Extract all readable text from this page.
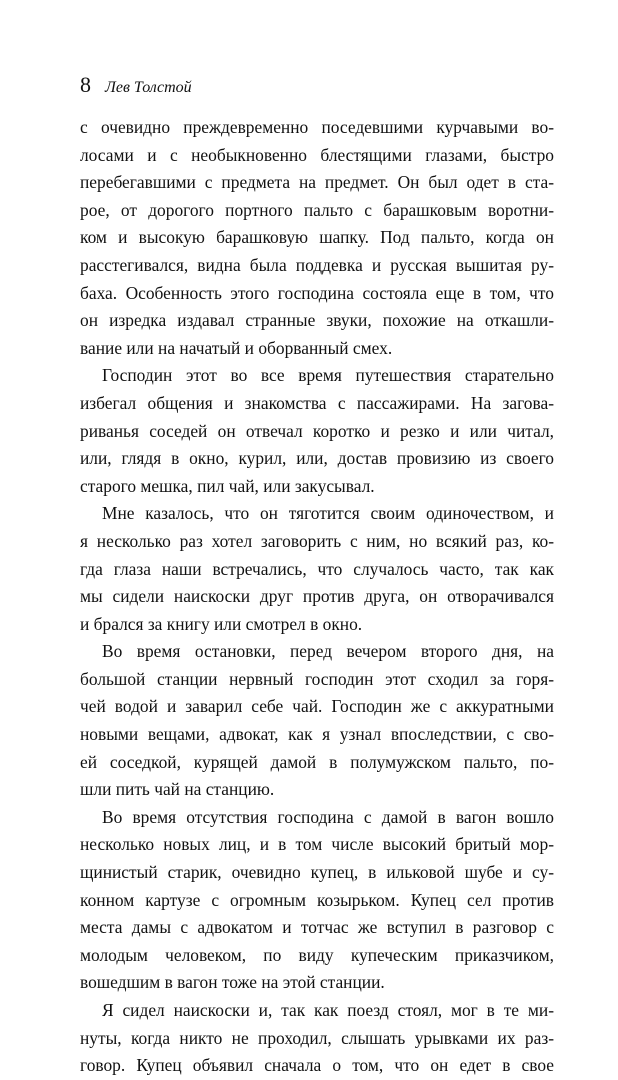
8 Лев Толстой

с очевидно преждевременно поседевшими курчавыми во-
лосами и с необыкновенно блестящими глазами, быстро
перебегавшими с предмета на предмет. Он был одет в ста-
рое, от дорогого портного пальто с барашковым воротни-
ком и высокую барашковую шапку. Под пальто, когда он
расстегивался, видна была поддевка и русская вышитая ру-
баха. Особенность этого господина состояла еще в том, что
он изредка издавал странные звуки, похожие на откашли-
вание или на начатый и оборванный смех.

Господин этот во все время путешествия старательно
избегал общения и знакомства с пассажирами. На загова-
риванья соседей он отвечал коротко и резко и или читал,
или, глядя в окно, курил, или, достав провизию из своего
старого мешка, пил чай, или закусывал.

Мне казалось, что он тяготится своим одиночеством, и
я несколько раз хотел заговорить с ним, но всякий раз, ко-
гда глаза наши встречались, что случалось часто, так как
мы сидели наискоски друг против друга, он отворачивался
и брался за книгу или смотрел в окно.

Во время остановки, перед вечером второго дня, на
большой станции нервный господин этот сходил за горя-
чей водой и заварил себе чай. Господин же с аккуратными
новыми вещами, адвокат, как я узнал впоследствии, с сво-
ей соседкой, курящей дамой в полумужском пальто, по-
шли пить чай на станцию.

Во время отсутствия господина с дамой в вагон вошло
несколько новых лиц, и в том числе высокий бритый мор-
щинистый старик, очевидно купец, в ильковой шубе и су-
конном картузе с огромным козырьком. Купец сел против
места дамы с адвокатом и тотчас же вступил в разговор с
молодым человеком, по виду купеческим приказчиком,
вошедшим в вагон тоже на этой станции.

Я сидел наискоски и, так как поезд стоял, мог в те ми-
нуты, когда никто не проходил, слышать урывками их раз-
говор. Купец объявил сначала о том, что он едет в свое
